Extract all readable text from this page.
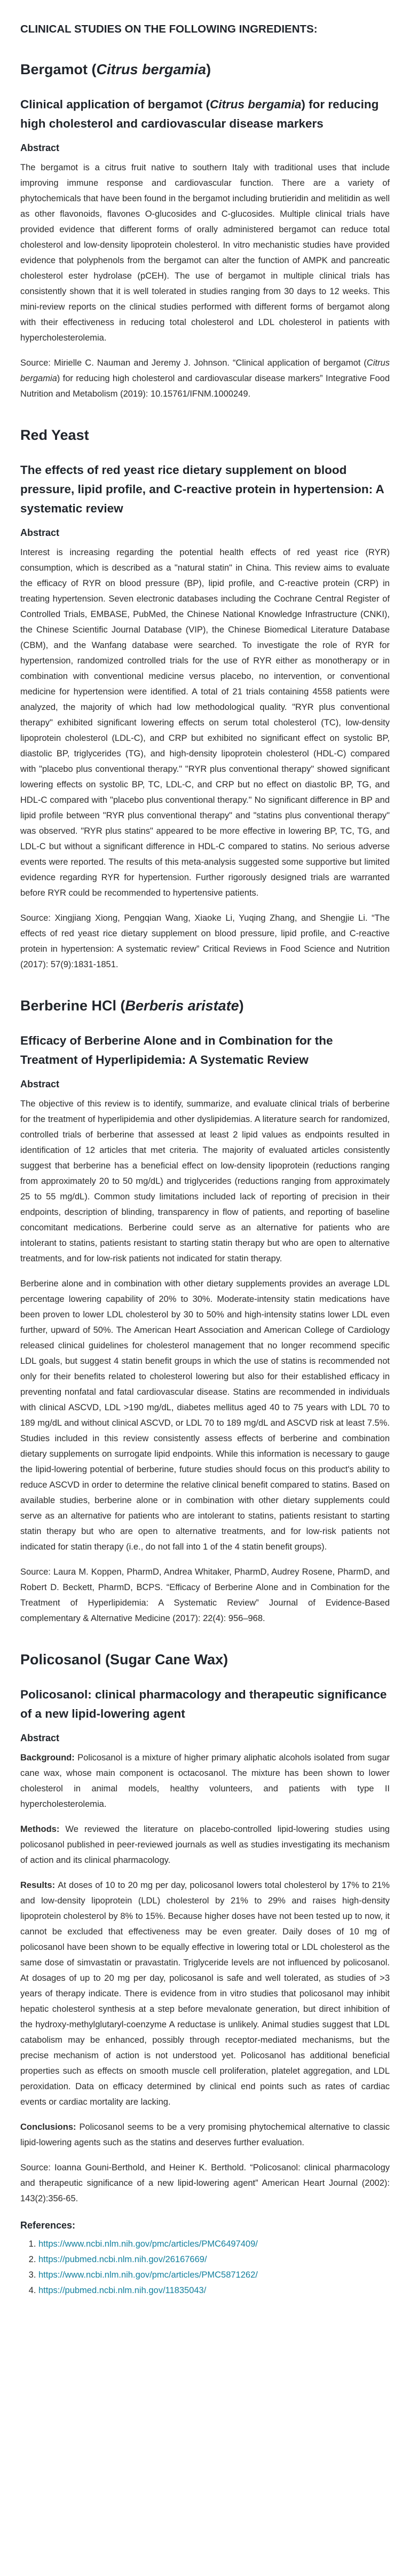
CLINICAL STUDIES ON THE FOLLOWING INGREDIENTS:
Bergamot (Citrus bergamia)
Clinical application of bergamot (Citrus bergamia) for reducing high cholesterol and cardiovascular disease markers

Abstract

The bergamot is a citrus fruit native to southern Italy with traditional uses that include improving immune response and cardiovascular function. There are a variety of phytochemicals that have been found in the bergamot including brutieridin and melitidin as well as other flavonoids, flavones O-glucosides and C-glucosides. Multiple clinical trials have provided evidence that different forms of orally administered bergamot can reduce total cholesterol and low-density lipoprotein cholesterol. In vitro mechanistic studies have provided evidence that polyphenols from the bergamot can alter the function of AMPK and pancreatic cholesterol ester hydrolase (pCEH). The use of bergamot in multiple clinical trials has consistently shown that it is well tolerated in studies ranging from 30 days to 12 weeks. This mini-review reports on the clinical studies performed with different forms of bergamot along with their effectiveness in reducing total cholesterol and LDL cholesterol in patients with hypercholesterolemia.

Source: Mirielle C. Nauman and Jeremy J. Johnson. “Clinical application of bergamot (Citrus bergamia) for reducing high cholesterol and cardiovascular disease markers” Integrative Food Nutrition and Metabolism (2019): 10.15761/IFNM.1000249.

Red Yeast
The effects of red yeast rice dietary supplement on blood pressure, lipid profile, and C-reactive protein in hypertension: A systematic review

Abstract

Interest is increasing regarding the potential health effects of red yeast rice (RYR) consumption, which is described as a "natural statin" in China. This review aims to evaluate the efficacy of RYR on blood pressure (BP), lipid profile, and C-reactive protein (CRP) in treating hypertension. Seven electronic databases including the Cochrane Central Register of Controlled Trials, EMBASE, PubMed, the Chinese National Knowledge Infrastructure (CNKI), the Chinese Scientific Journal Database (VIP), the Chinese Biomedical Literature Database (CBM), and the Wanfang database were searched. To investigate the role of RYR for hypertension, randomized controlled trials for the use of RYR either as monotherapy or in combination with conventional medicine versus placebo, no intervention, or conventional medicine for hypertension were identified. A total of 21 trials containing 4558 patients were analyzed, the majority of which had low methodological quality. "RYR plus conventional therapy" exhibited significant lowering effects on serum total cholesterol (TC), low-density lipoprotein cholesterol (LDL-C), and CRP but exhibited no significant effect on systolic BP, diastolic BP, triglycerides (TG), and high-density lipoprotein cholesterol (HDL-C) compared with "placebo plus conventional therapy." "RYR plus conventional therapy" showed significant lowering effects on systolic BP, TC, LDL-C, and CRP but no effect on diastolic BP, TG, and HDL-C compared with "placebo plus conventional therapy." No significant difference in BP and lipid profile between "RYR plus conventional therapy" and "statins plus conventional therapy" was observed. "RYR plus statins" appeared to be more effective in lowering BP, TC, TG, and LDL-C but without a significant difference in HDL-C compared to statins. No serious adverse events were reported. The results of this meta-analysis suggested some supportive but limited evidence regarding RYR for hypertension. Further rigorously designed trials are warranted before RYR could be recommended to hypertensive patients.

Source: Xingjiang Xiong, Pengqian Wang, Xiaoke Li, Yuqing Zhang, and Shengjie Li. “The effects of red yeast rice dietary supplement on blood pressure, lipid profile, and C-reactive protein in hypertension: A systematic review” Critical Reviews in Food Science and Nutrition (2017): 57(9):1831-1851.

Berberine HCl (Berberis aristate)
Efficacy of Berberine Alone and in Combination for the Treatment of Hyperlipidemia: A Systematic Review

Abstract

The objective of this review is to identify, summarize, and evaluate clinical trials of berberine for the treatment of hyperlipidemia and other dyslipidemias. A literature search for randomized, controlled trials of berberine that assessed at least 2 lipid values as endpoints resulted in identification of 12 articles that met criteria. The majority of evaluated articles consistently suggest that berberine has a beneficial effect on low-density lipoprotein (reductions ranging from approximately 20 to 50 mg/dL) and triglycerides (reductions ranging from approximately 25 to 55 mg/dL). Common study limitations included lack of reporting of precision in their endpoints, description of blinding, transparency in flow of patients, and reporting of baseline concomitant medications. Berberine could serve as an alternative for patients who are intolerant to statins, patients resistant to starting statin therapy but who are open to alternative treatments, and for low-risk patients not indicated for statin therapy.

Berberine alone and in combination with other dietary supplements provides an average LDL percentage lowering capability of 20% to 30%. Moderate-intensity statin medications have been proven to lower LDL cholesterol by 30 to 50% and high-intensity statins lower LDL even further, upward of 50%. The American Heart Association and American College of Cardiology released clinical guidelines for cholesterol management that no longer recommend specific LDL goals, but suggest 4 statin benefit groups in which the use of statins is recommended not only for their benefits related to cholesterol lowering but also for their established efficacy in preventing nonfatal and fatal cardiovascular disease. Statins are recommended in individuals with clinical ASCVD, LDL >190 mg/dL, diabetes mellitus aged 40 to 75 years with LDL 70 to 189 mg/dL and without clinical ASCVD, or LDL 70 to 189 mg/dL and ASCVD risk at least 7.5%. Studies included in this review consistently assess effects of berberine and combination dietary supplements on surrogate lipid endpoints. While this information is necessary to gauge the lipid-lowering potential of berberine, future studies should focus on this product's ability to reduce ASCVD in order to determine the relative clinical benefit compared to statins. Based on available studies, berberine alone or in combination with other dietary supplements could serve as an alternative for patients who are intolerant to statins, patients resistant to starting statin therapy but who are open to alternative treatments, and for low-risk patients not indicated for statin therapy (i.e., do not fall into 1 of the 4 statin benefit groups).

Source: Laura M. Koppen, PharmD, Andrea Whitaker, PharmD, Audrey Rosene, PharmD, and Robert D. Beckett, PharmD, BCPS. “Efficacy of Berberine Alone and in Combination for the Treatment of Hyperlipidemia: A Systematic Review” Journal of Evidence-Based complementary & Alternative Medicine (2017): 22(4): 956–968.

Policosanol (Sugar Cane Wax)
Policosanol: clinical pharmacology and therapeutic significance of a new lipid-lowering agent

Abstract

Background: Policosanol is a mixture of higher primary aliphatic alcohols isolated from sugar cane wax, whose main component is octacosanol. The mixture has been shown to lower cholesterol in animal models, healthy volunteers, and patients with type II hypercholesterolemia.

Methods: We reviewed the literature on placebo-controlled lipid-lowering studies using policosanol published in peer-reviewed journals as well as studies investigating its mechanism of action and its clinical pharmacology.

Results: At doses of 10 to 20 mg per day, policosanol lowers total cholesterol by 17% to 21% and low-density lipoprotein (LDL) cholesterol by 21% to 29% and raises high-density lipoprotein cholesterol by 8% to 15%. Because higher doses have not been tested up to now, it cannot be excluded that effectiveness may be even greater. Daily doses of 10 mg of policosanol have been shown to be equally effective in lowering total or LDL cholesterol as the same dose of simvastatin or pravastatin. Triglyceride levels are not influenced by policosanol. At dosages of up to 20 mg per day, policosanol is safe and well tolerated, as studies of >3 years of therapy indicate. There is evidence from in vitro studies that policosanol may inhibit hepatic cholesterol synthesis at a step before mevalonate generation, but direct inhibition of the hydroxy-methylglutaryl-coenzyme A reductase is unlikely. Animal studies suggest that LDL catabolism may be enhanced, possibly through receptor-mediated mechanisms, but the precise mechanism of action is not understood yet. Policosanol has additional beneficial properties such as effects on smooth muscle cell proliferation, platelet aggregation, and LDL peroxidation. Data on efficacy determined by clinical end points such as rates of cardiac events or cardiac mortality are lacking.

Conclusions: Policosanol seems to be a very promising phytochemical alternative to classic lipid-lowering agents such as the statins and deserves further evaluation.

Source: Ioanna Gouni-Berthold, and Heiner K. Berthold. “Policosanol: clinical pharmacology and therapeutic significance of a new lipid-lowering agent” American Heart Journal (2002): 143(2):356-65.

References:

1. https://www.ncbi.nlm.nih.gov/pmc/articles/PMC6497409/
2. https://pubmed.ncbi.nlm.nih.gov/26167669/
3. https://www.ncbi.nlm.nih.gov/pmc/articles/PMC5871262/
4. https://pubmed.ncbi.nlm.nih.gov/11835043/
